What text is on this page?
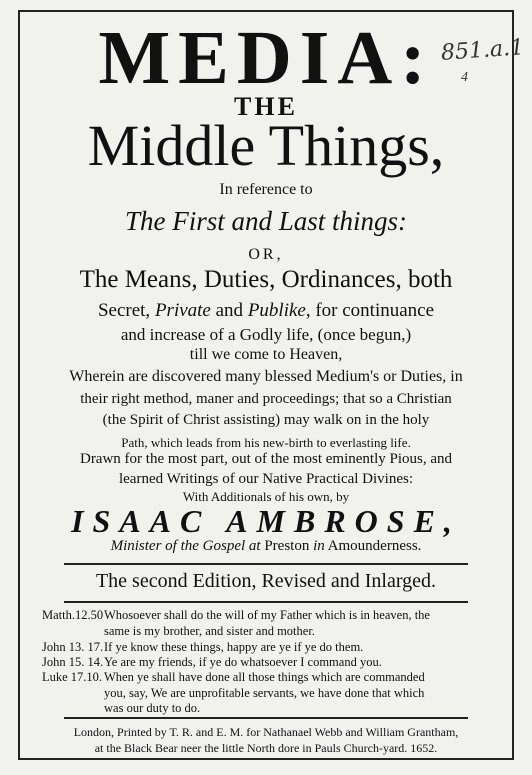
851.a.1
4
MEDIA:
THE
Middle Things,
In reference to
The First and Last things:
OR,
The Means, Duties, Ordinances, both
Secret, Private and Publike, for continuance
and increase of a Godly life, (once begun,)
till we come to Heaven,
Wherein are discovered many blessed Medium's or Duties, in
their right method, maner and proceedings; that so a Christian
(the Spirit of Christ assisting) may walk on in the holy
Path, which leads from his new-birth to everlasting life.
Drawn for the most part, out of the most eminently Pious, and
learned Writings of our Native Practical Divines:
With Additionals of his own, by
ISAAC AMBROSE,
Minister of the Gospel at Preston in Amounderness.
The second Edition, Revised and Inlarged.
Matth.12.50Whosoever shall do the will of my Father which is in heaven, the
same is my brother, and sister and mother.
John 13. 17.If ye know these things, happy are ye if ye do them.
John 15. 14.Ye are my friends, if ye do whatsoever I command you.
Luke 17.10. When ye shall have done all those things which are commanded
you, say, We are unprofitable servants, we have done that which
was our duty to do.
London, Printed by T. R. and E. M. for Nathanael Webb and William Grantham,
at the Black Bear neer the little North dore in Pauls Church-yard. 1652.
